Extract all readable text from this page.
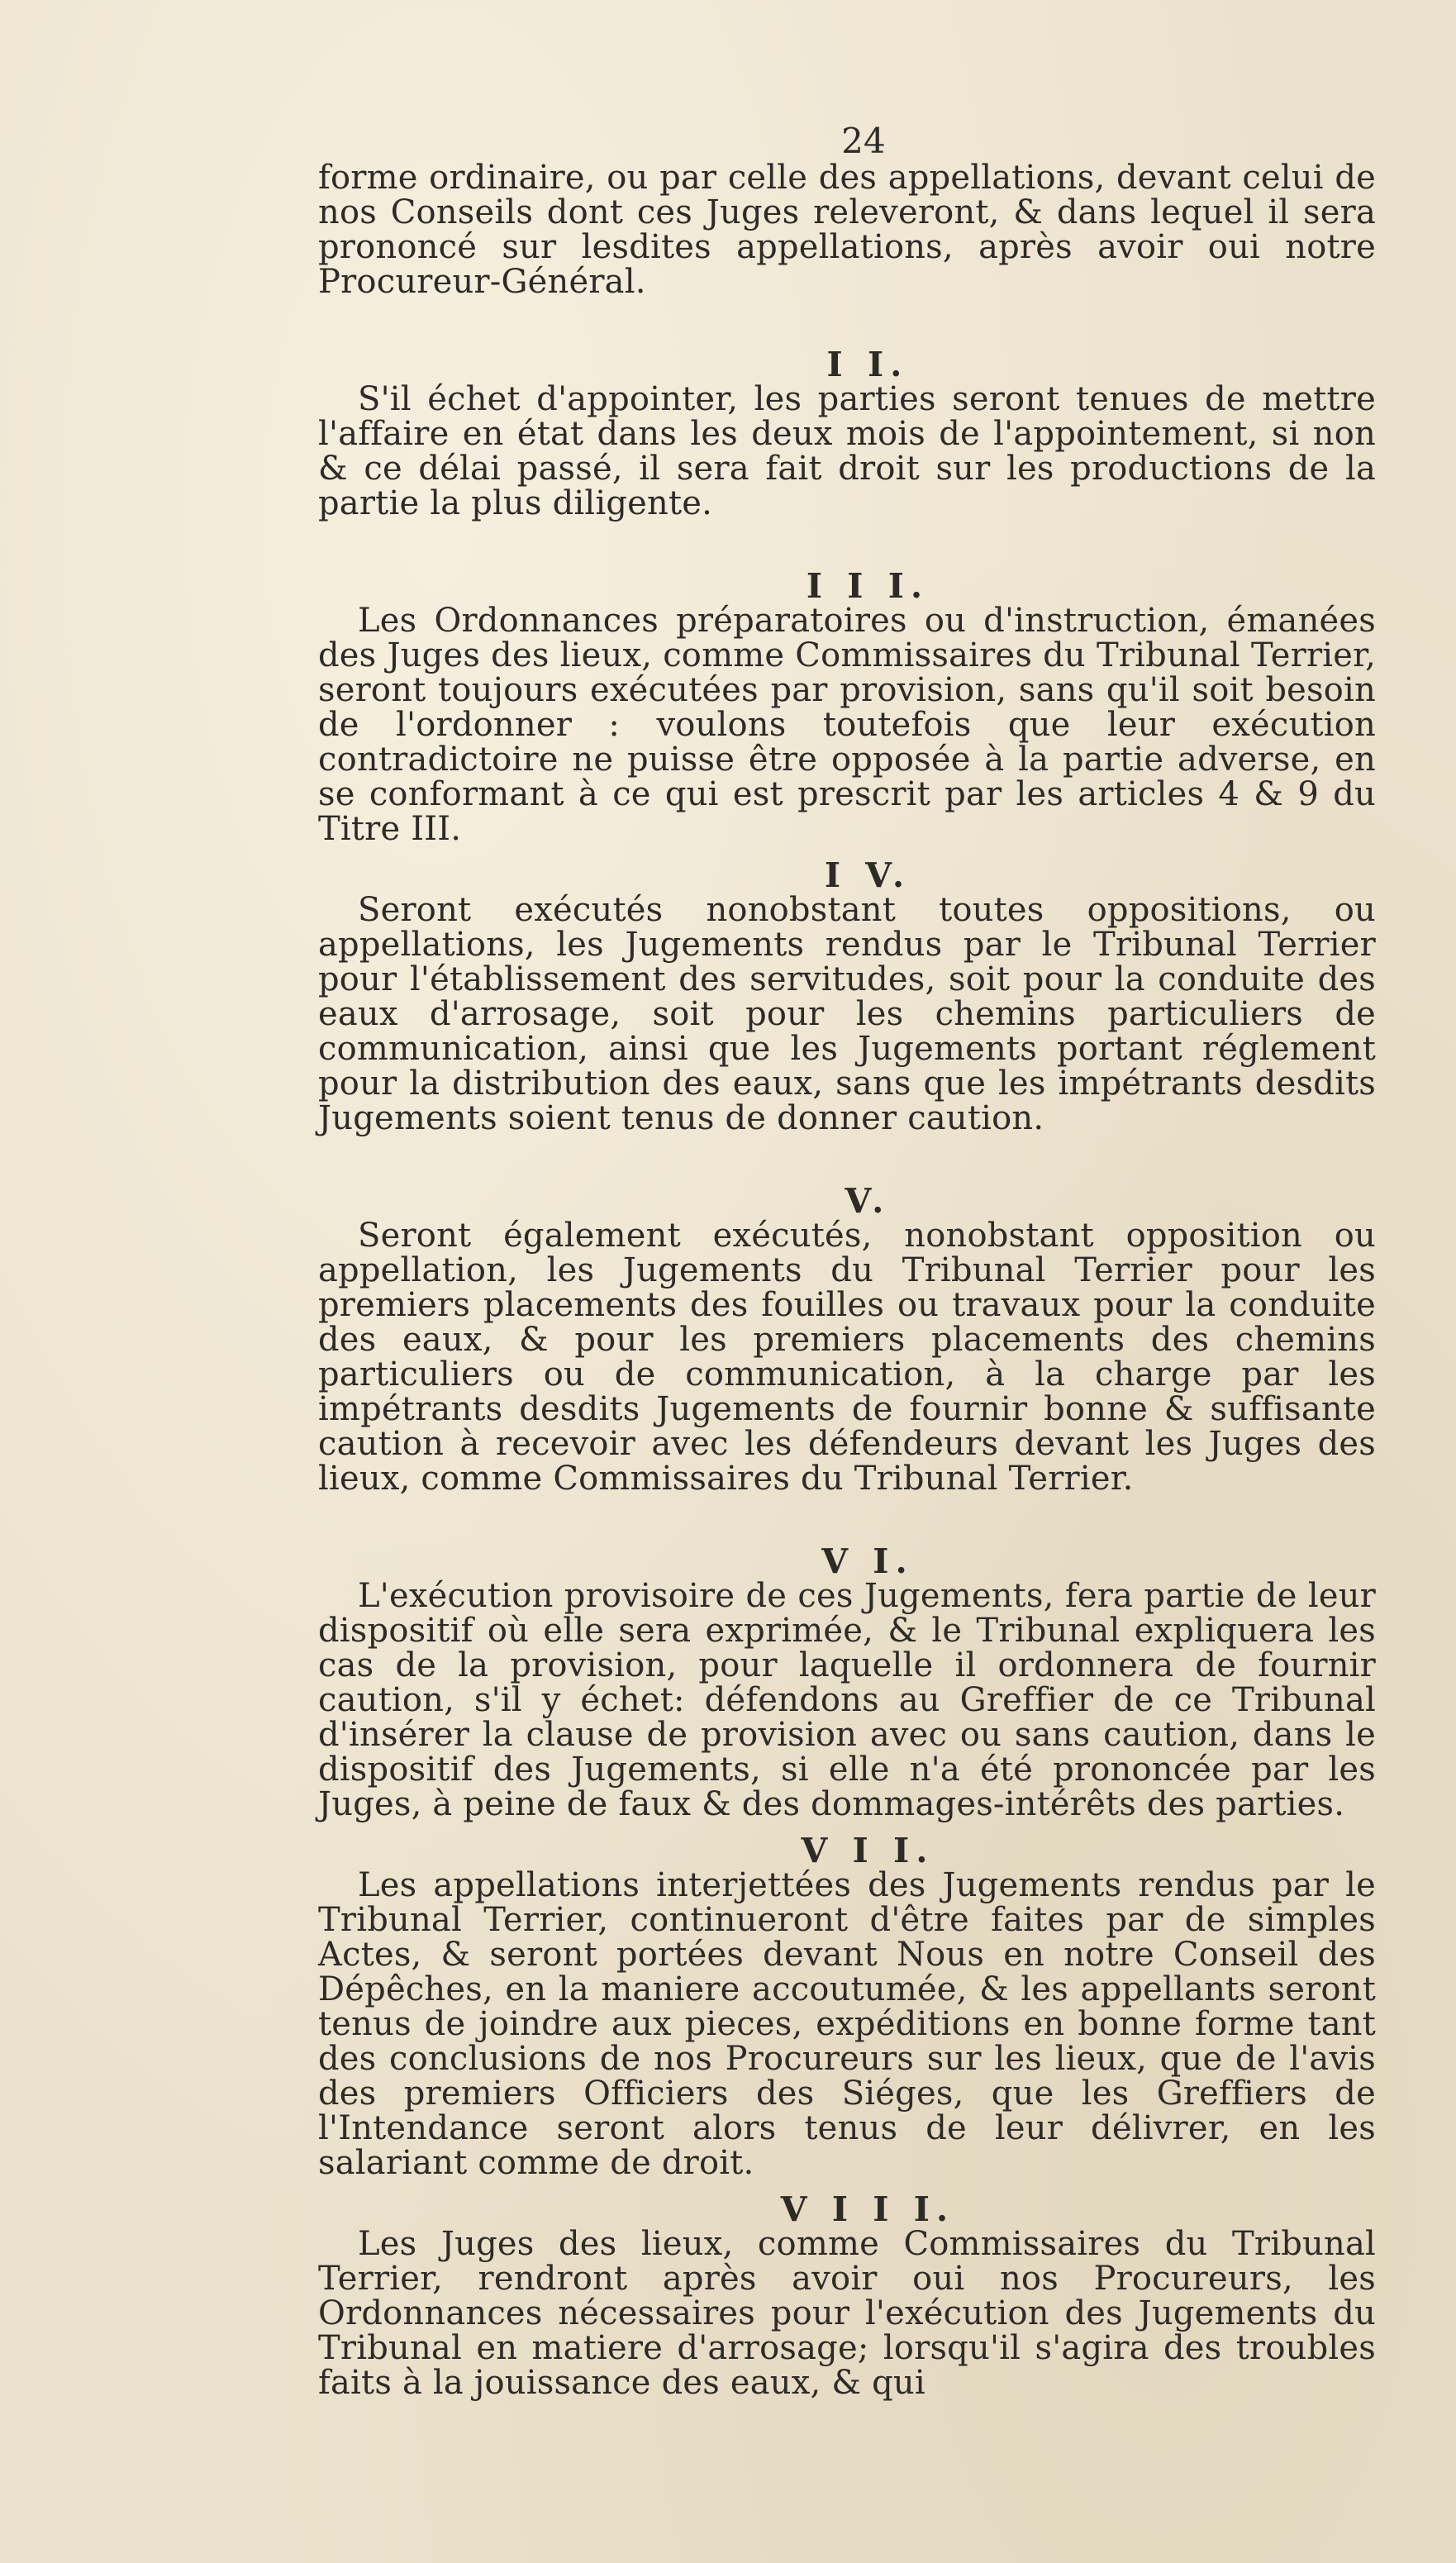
24

forme ordinaire, ou par celle des appellations, devant celui de nos Conseils dont ces Juges releveront, & dans lequel il sera prononcé sur lesdites appellations, après avoir oui notre Procureur-Général.

I I.

S'il échet d'appointer, les parties seront tenues de mettre l'affaire en état dans les deux mois de l'appointement, si non & ce délai passé, il sera fait droit sur les productions de la partie la plus diligente.

I I I.

Les Ordonnances préparatoires ou d'instruction, émanées des Juges des lieux, comme Commissaires du Tribunal Terrier, seront toujours exécutées par provision, sans qu'il soit besoin de l'ordonner : voulons toutefois que leur exécution contradictoire ne puisse être opposée à la partie adverse, en se conformant à ce qui est prescrit par les articles 4 & 9 du Titre III.

I V.

Seront exécutés nonobstant toutes oppositions, ou appellations, les Jugements rendus par le Tribunal Terrier pour l'établissement des servitudes, soit pour la conduite des eaux d'arrosage, soit pour les chemins particuliers de communication, ainsi que les Jugements portant réglement pour la distribution des eaux, sans que les impétrants desdits Jugements soient tenus de donner caution.

V.

Seront également exécutés, nonobstant opposition ou appellation, les Jugements du Tribunal Terrier pour les premiers placements des fouilles ou travaux pour la conduite des eaux, & pour les premiers placements des chemins particuliers ou de communication, à la charge par les impétrants desdits Jugements de fournir bonne & suffisante caution à recevoir avec les défendeurs devant les Juges des lieux, comme Commissaires du Tribunal Terrier.

V I.

L'exécution provisoire de ces Jugements, fera partie de leur dispositif où elle sera exprimée, & le Tribunal expliquera les cas de la provision, pour laquelle il ordonnera de fournir caution, s'il y échet: défendons au Greffier de ce Tribunal d'insérer la clause de provision avec ou sans caution, dans le dispositif des Jugements, si elle n'a été prononcée par les Juges, à peine de faux & des dommages-intérêts des parties.

V I I.

Les appellations interjettées des Jugements rendus par le Tribunal Terrier, continueront d'être faites par de simples Actes, & seront portées devant Nous en notre Conseil des Dépêches, en la maniere accoutumée, & les appellants seront tenus de joindre aux pieces, expéditions en bonne forme tant des conclusions de nos Procureurs sur les lieux, que de l'avis des premiers Officiers des Siéges, que les Greffiers de l'Intendance seront alors tenus de leur délivrer, en les salariant comme de droit.

V I I I.

Les Juges des lieux, comme Commissaires du Tribunal Terrier, rendront après avoir oui nos Procureurs, les Ordonnances nécessaires pour l'exécution des Jugements du Tribunal en matiere d'arrosage; lorsqu'il s'agira des troubles faits à la jouissance des eaux, & qui
